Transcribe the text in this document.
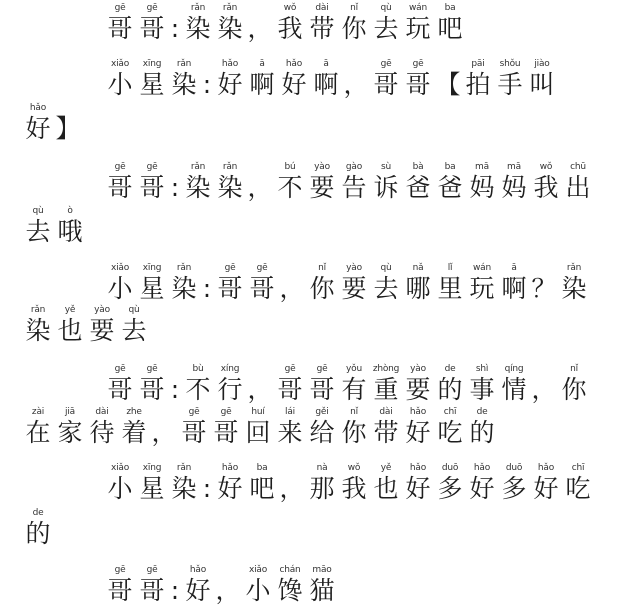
gē
哥
gē
哥 :
rǎn
染
rǎn
染 ，
wǒ
我
dài
带
nǐ
你
qù
去
wán
玩
ba
吧
xiǎo
小
xīng
星
rǎn
染 :
hǎo
好
ā
啊
hǎo
好
ā
啊 ，
gē
哥
gē
哥 【
pāi
拍
shǒu
手
jiào
叫
hǎo
好 】
gē
哥
gē
哥 :
rǎn
染
rǎn
染 ，
bú
不
yào
要
gào
告
sù
诉
bà
爸
ba
爸
mā
妈
mā
妈
wǒ
我
chū
出
qù
去
ò
哦
xiǎo
小
xīng
星
rǎn
染 :
gē
哥
gē
哥 ，
nǐ
你
yào
要
qù
去
nǎ
哪
lǐ
里
wán
玩
ā
啊 ？
rǎn
染
rǎn
染
yě
也
yào
要
qù
去
gē
哥
gē
哥 :
bù
不
xíng
行 ，
gē
哥
gē
哥
yǒu
有
zhòng
重
yào
要
de
的
shì
事
qíng
情 ，
nǐ
你
zài
在
jiā
家
dài
待
zhe
着 ，
gē
哥
gē
哥
huí
回
lái
来
gěi
给
nǐ
你
dài
带
hǎo
好
chī
吃
de
的
xiǎo
小
xīng
星
rǎn
染 :
hǎo
好
ba
吧 ，
nà
那
wǒ
我
yě
也
hǎo
好
duō
多
hǎo
好
duō
多
hǎo
好
chī
吃
de
的
gē
哥
gē
哥 :
hǎo
好 ，
xiǎo
小
chán
馋
māo
猫
